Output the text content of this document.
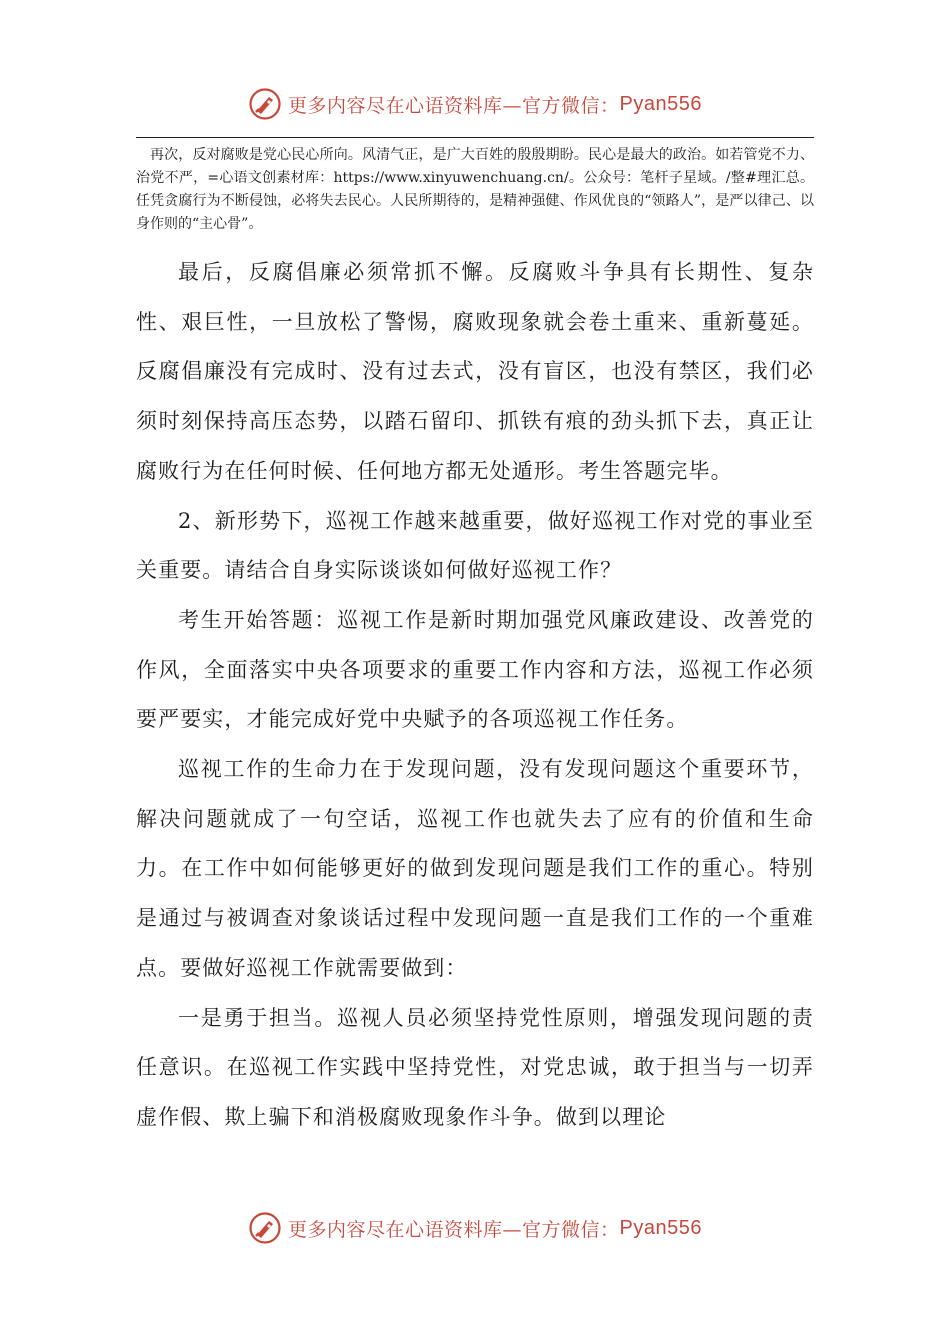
更多内容尽在心语资料库—官方微信： Pyan556

再次，反对腐败是党心民心所向。风清气正，是广大百姓的殷殷期盼。民心是最大的政治。如若管党不力、治党不严，=心语文创素材库：https://www.xinyuwenchuang.cn/。公众号：笔杆子星域。/整#理汇总。任凭贪腐行为不断侵蚀，必将失去民心。人民所期待的，是精神强健、作风优良的“领路人”，是严以律己、以身作则的“主心骨”。

最后，反腐倡廉必须常抓不懈。反腐败斗争具有长期性、复杂性、艰巨性，一旦放松了警惕，腐败现象就会卷土重来、重新蔓延。反腐倡廉没有完成时、没有过去式，没有盲区，也没有禁区，我们必须时刻保持高压态势，以踏石留印、抓铁有痕的劲头抓下去，真正让腐败行为在任何时候、任何地方都无处遁形。考生答题完毕。

2、新形势下，巡视工作越来越重要，做好巡视工作对党的事业至关重要。请结合自身实际谈谈如何做好巡视工作？

考生开始答题：巡视工作是新时期加强党风廉政建设、改善党的作风，全面落实中央各项要求的重要工作内容和方法，巡视工作必须要严要实，才能完成好党中央赋予的各项巡视工作任务。

巡视工作的生命力在于发现问题，没有发现问题这个重要环节，解决问题就成了一句空话，巡视工作也就失去了应有的价值和生命力。在工作中如何能够更好的做到发现问题是我们工作的重心。特别是通过与被调查对象谈话过程中发现问题一直是我们工作的一个重难点。要做好巡视工作就需要做到：

一是勇于担当。巡视人员必须坚持党性原则，增强发现问题的责任意识。在巡视工作实践中坚持党性，对党忠诚，敢于担当与一切弄虚作假、欺上骗下和消极腐败现象作斗争。做到以理论

更多内容尽在心语资料库—官方微信： Pyan556
